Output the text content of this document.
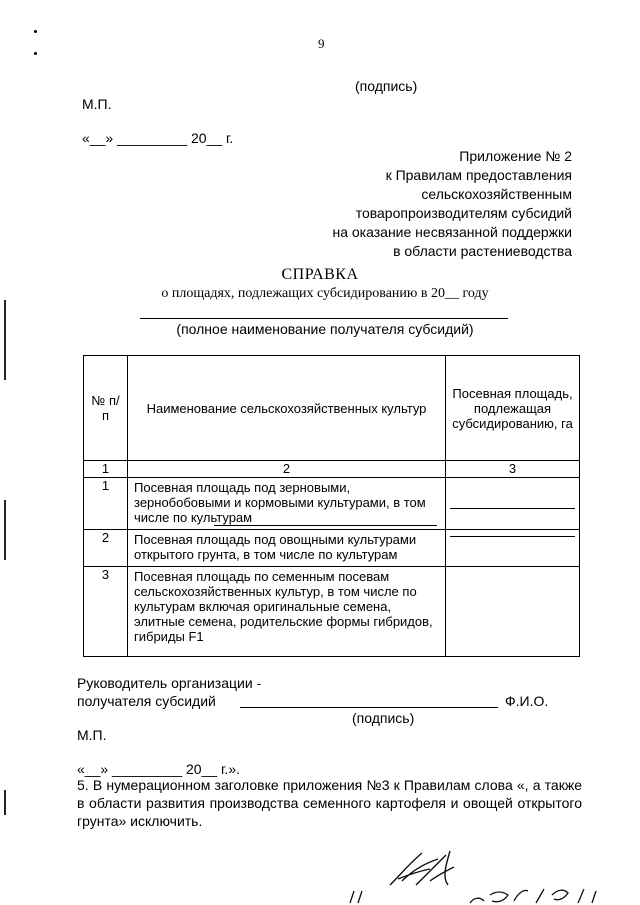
9
(подпись)
М.П.
«__» _________ 20__ г.
Приложение № 2
к Правилам предоставления
сельскохозяйственным
товаропроизводителям субсидий
на оказание несвязанной поддержки
в области растениеводства
СПРАВКА
о площадях, подлежащих субсидированию в 20__ году
(полное наименование получателя субсидий)
№ п/п	Наименование сельскохозяйственных культур	Посевная площадь, подлежащая субсидированию, га

1	2	3
1	Посевная площадь под зерновыми, зернобобовыми и кормовыми культурами, в том числе по культурам	

2	Посевная площадь под овощными культурами открытого грунта, в том числе по культурам	

3	Посевная площадь по семенным посевам сельскохозяйственных культур, в том числе по культурам включая оригинальные семена, элитные семена, родительские формы гибридов, гибриды F1	
Руководитель организации -
получателя субсидий	Ф.И.О.
(подпись)
М.П.
«__» _________ 20__ г.».
5. В нумерационном заголовке приложения №3 к Правилам слова «, а также в области развития производства семенного картофеля и овощей открытого грунта» исключить.
